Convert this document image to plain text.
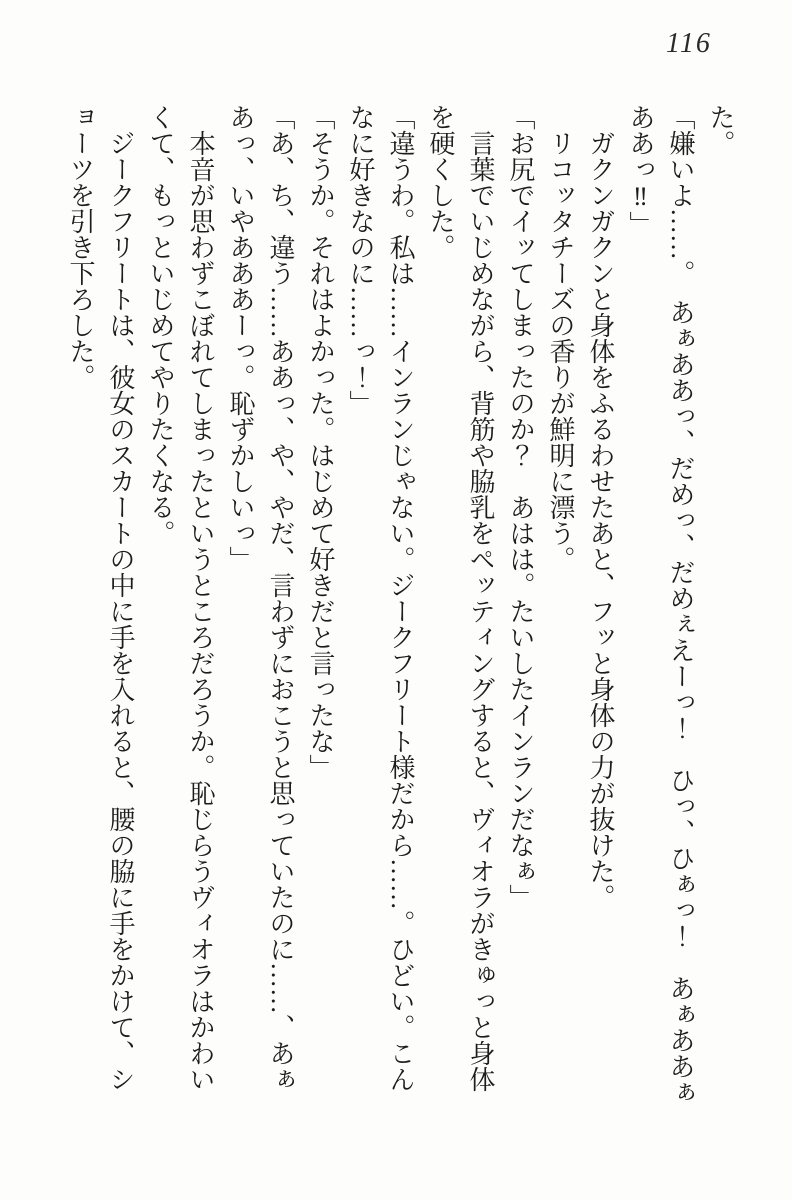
116

た。

「嫌いよ……。　あぁああっ、だめっ、だめぇえーっ！　ひっ、ひぁっ！　あぁああぁ

ああっ‼」

ガクンガクンと身体をふるわせたあと、フッと身体の力が抜けた。

リコッタチーズの香りが鮮明に漂う。

「お尻でイッてしまったのか？　あはは。たいしたインランだなぁ」

言葉でいじめながら、背筋や脇乳をペッティングすると、ヴィオラがきゅっと身体

を硬くした。

「違うわ。私は……インランじゃない。ジークフリート様だから……。ひどい。こん

なに好きなのに……っ！」

「そうか。それはよかった。はじめて好きだと言ったな」

「あ、ち、違う……ああっ、や、やだ、言わずにおこうと思っていたのに……、あぁ

あっ、いやあああーっ。恥ずかしいっ」

本音が思わずこぼれてしまったというところだろうか。恥じらうヴィオラはかわい

くて、もっといじめてやりたくなる。

ジークフリートは、彼女のスカートの中に手を入れると、腰の脇に手をかけて、シ

ョーツを引き下ろした。
